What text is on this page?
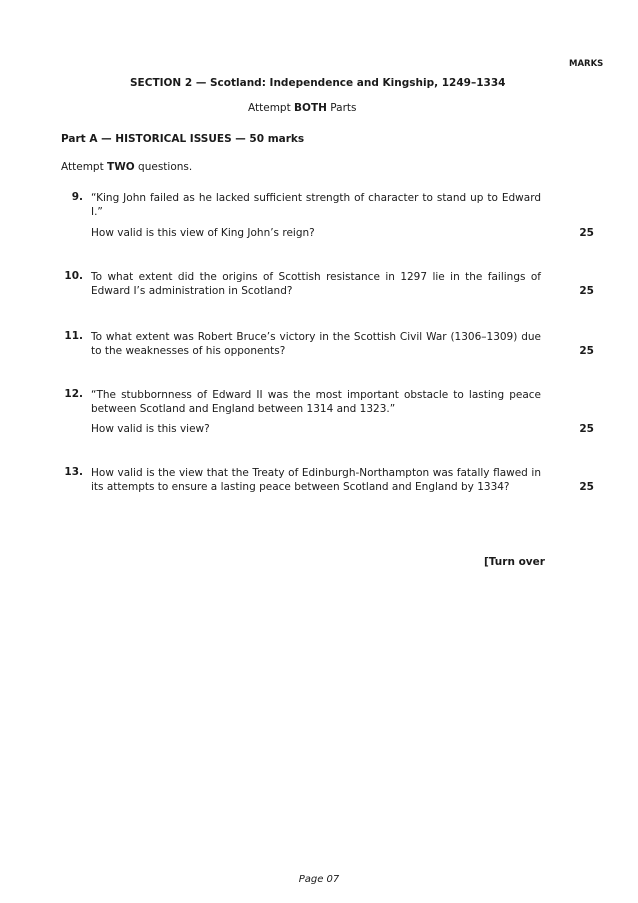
MARKS
SECTION 2 — Scotland: Independence and Kingship, 1249–1334
Attempt BOTH Parts
Part A — HISTORICAL ISSUES — 50 marks
Attempt TWO questions.
9. “King John failed as he lacked sufficient strength of character to stand up to Edward I.”
How valid is this view of King John’s reign?	25
10. To what extent did the origins of Scottish resistance in 1297 lie in the failings of Edward I’s administration in Scotland?	25
11. To what extent was Robert Bruce’s victory in the Scottish Civil War (1306–1309) due to the weaknesses of his opponents?	25
12. “The stubbornness of Edward II was the most important obstacle to lasting peace between Scotland and England between 1314 and 1323.”
How valid is this view?	25
13. How valid is the view that the Treaty of Edinburgh-Northampton was fatally flawed in its attempts to ensure a lasting peace between Scotland and England by 1334?	25
[Turn over
Page 07
